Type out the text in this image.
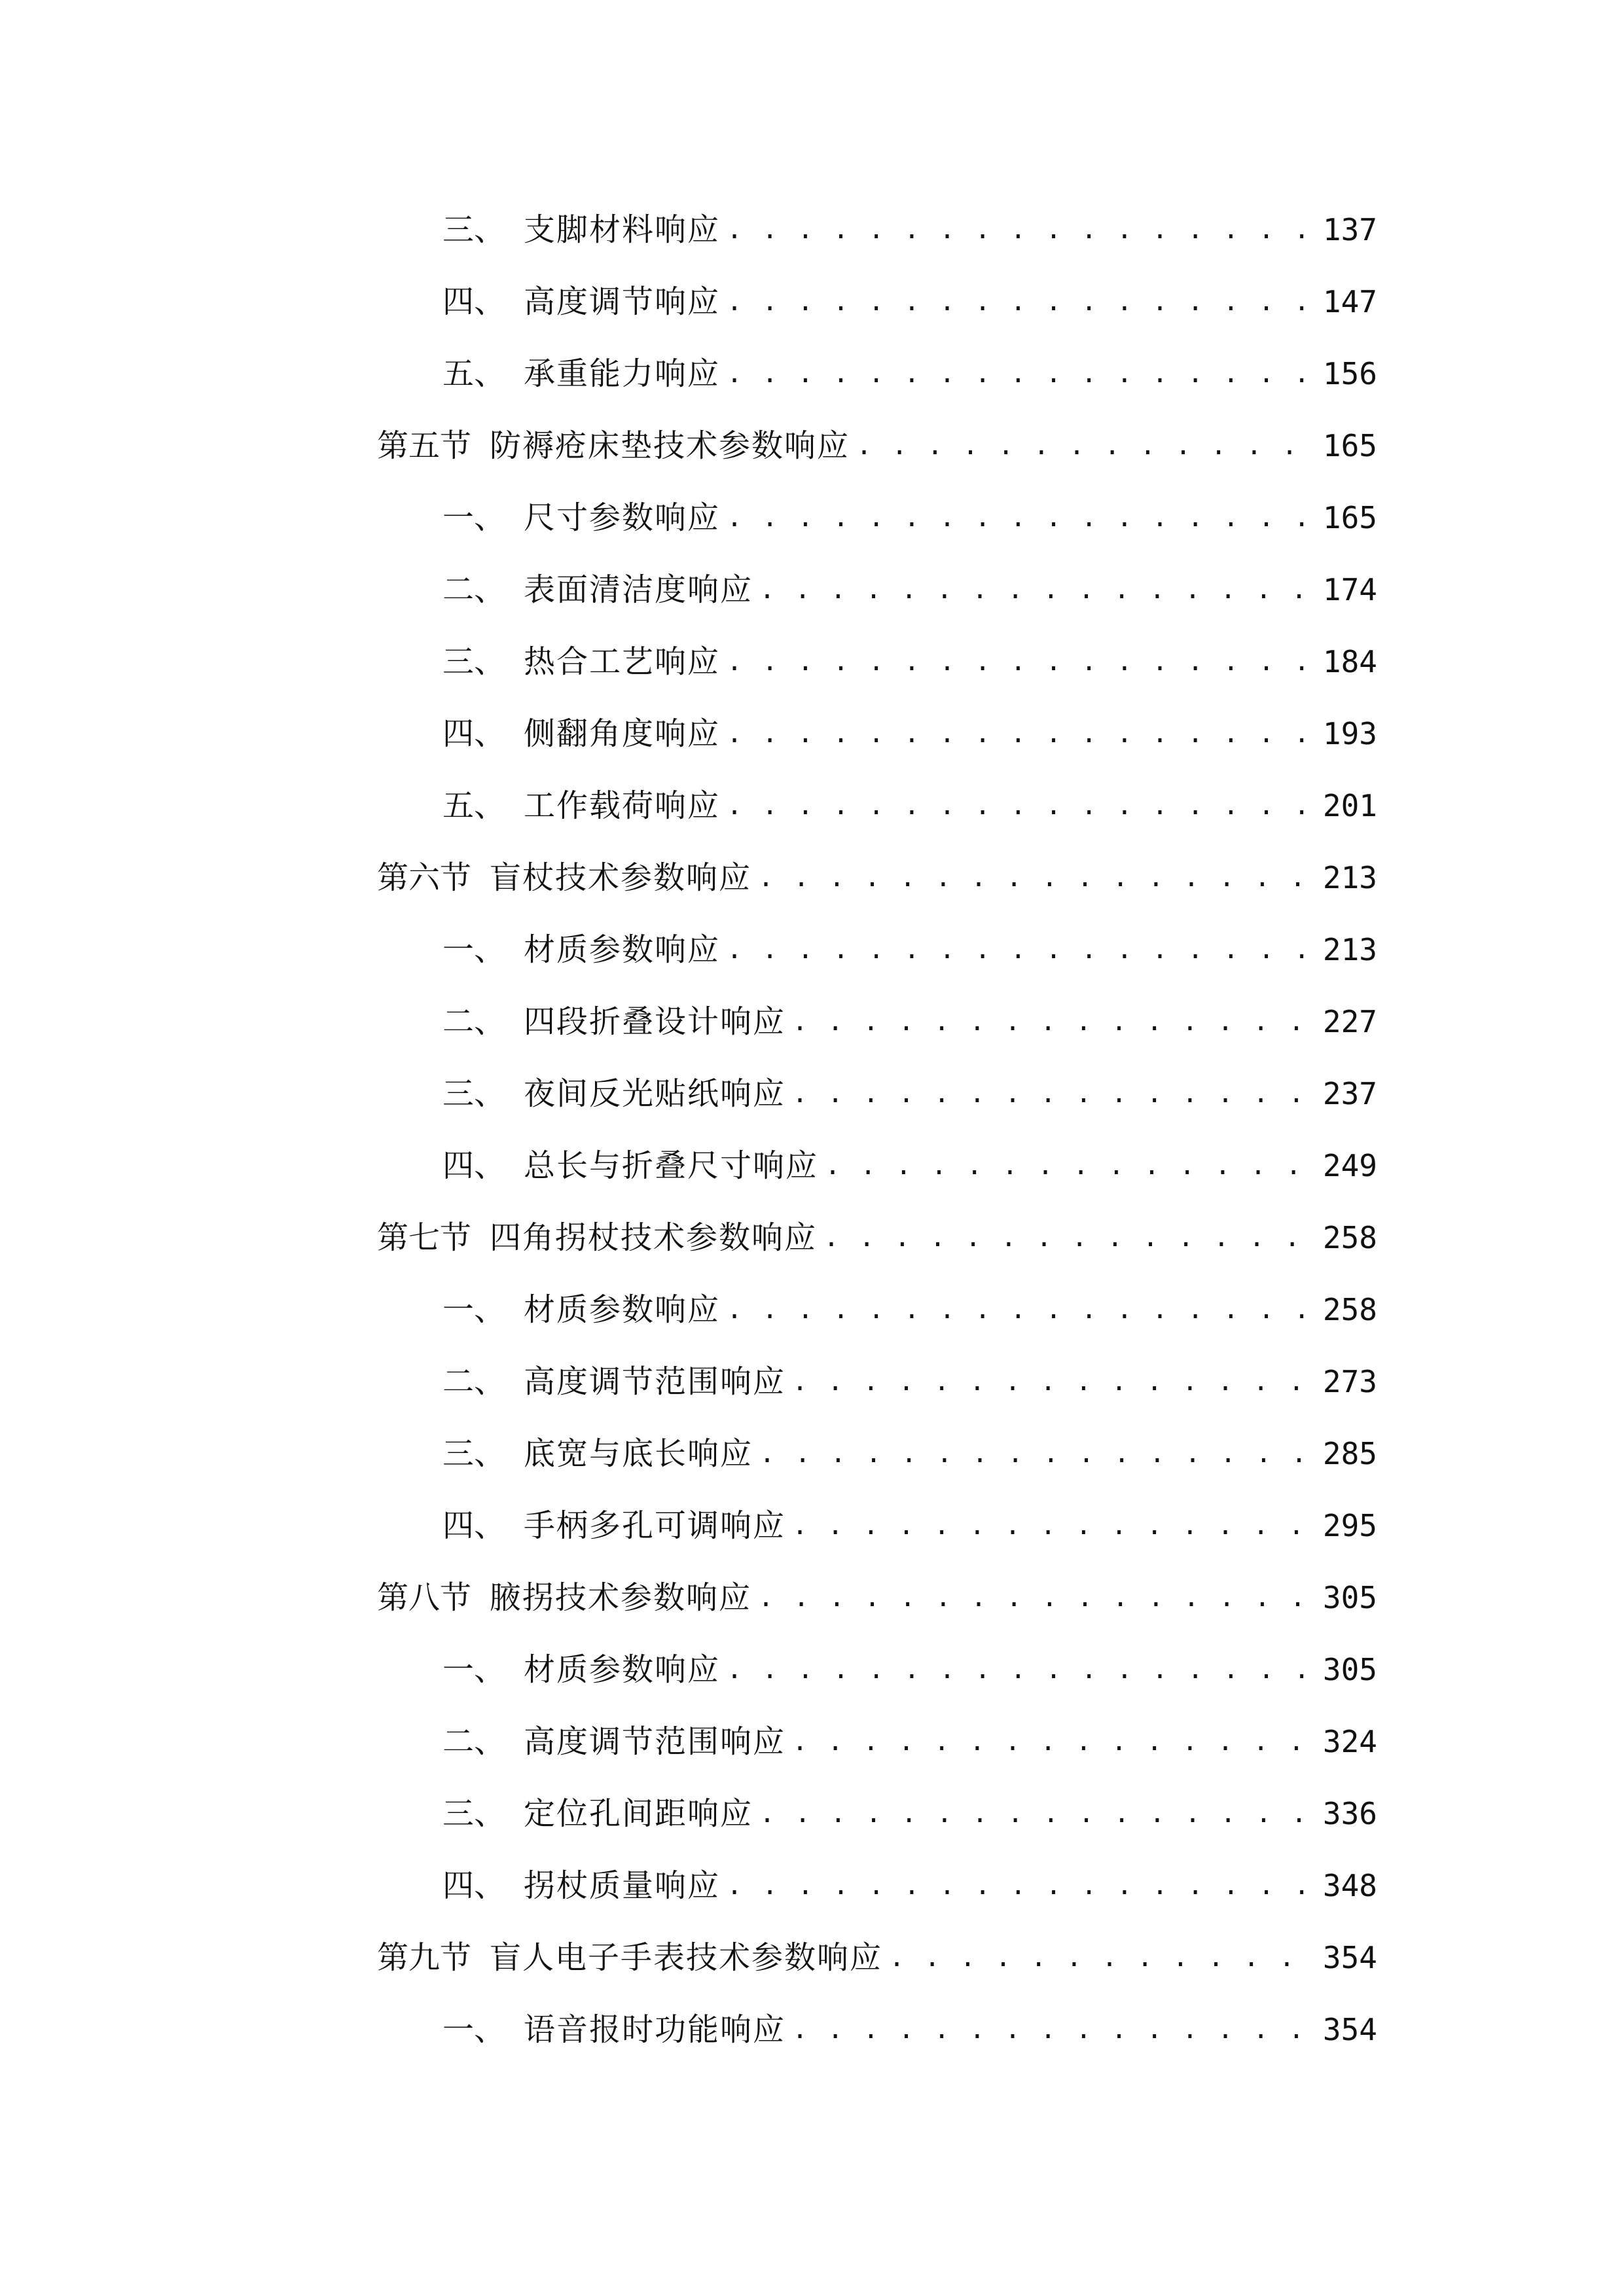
三、 支脚材料响应 . . .	137
四、 高度调节响应 . . .	147
五、 承重能力响应 . . .	156
第五节 防褥疮床垫技术参数响应 . . .	165
一、 尺寸参数响应 . . .	165
二、 表面清洁度响应 . . .	174
三、 热合工艺响应 . . .	184
四、 侧翻角度响应 . . .	193
五、 工作载荷响应 . . .	201
第六节 盲杖技术参数响应 . . .	213
一、 材质参数响应 . . .	213
二、 四段折叠设计响应 . . .	227
三、 夜间反光贴纸响应 . . .	237
四、 总长与折叠尺寸响应 . . .	249
第七节 四角拐杖技术参数响应 . . .	258
一、 材质参数响应 . . .	258
二、 高度调节范围响应 . . .	273
三、 底宽与底长响应 . . .	285
四、 手柄多孔可调响应 . . .	295
第八节 腋拐技术参数响应 . . .	305
一、 材质参数响应 . . .	305
二、 高度调节范围响应 . . .	324
三、 定位孔间距响应 . . .	336
四、 拐杖质量响应 . . .	348
第九节 盲人电子手表技术参数响应 . . .	354
一、 语音报时功能响应 . . .	354
